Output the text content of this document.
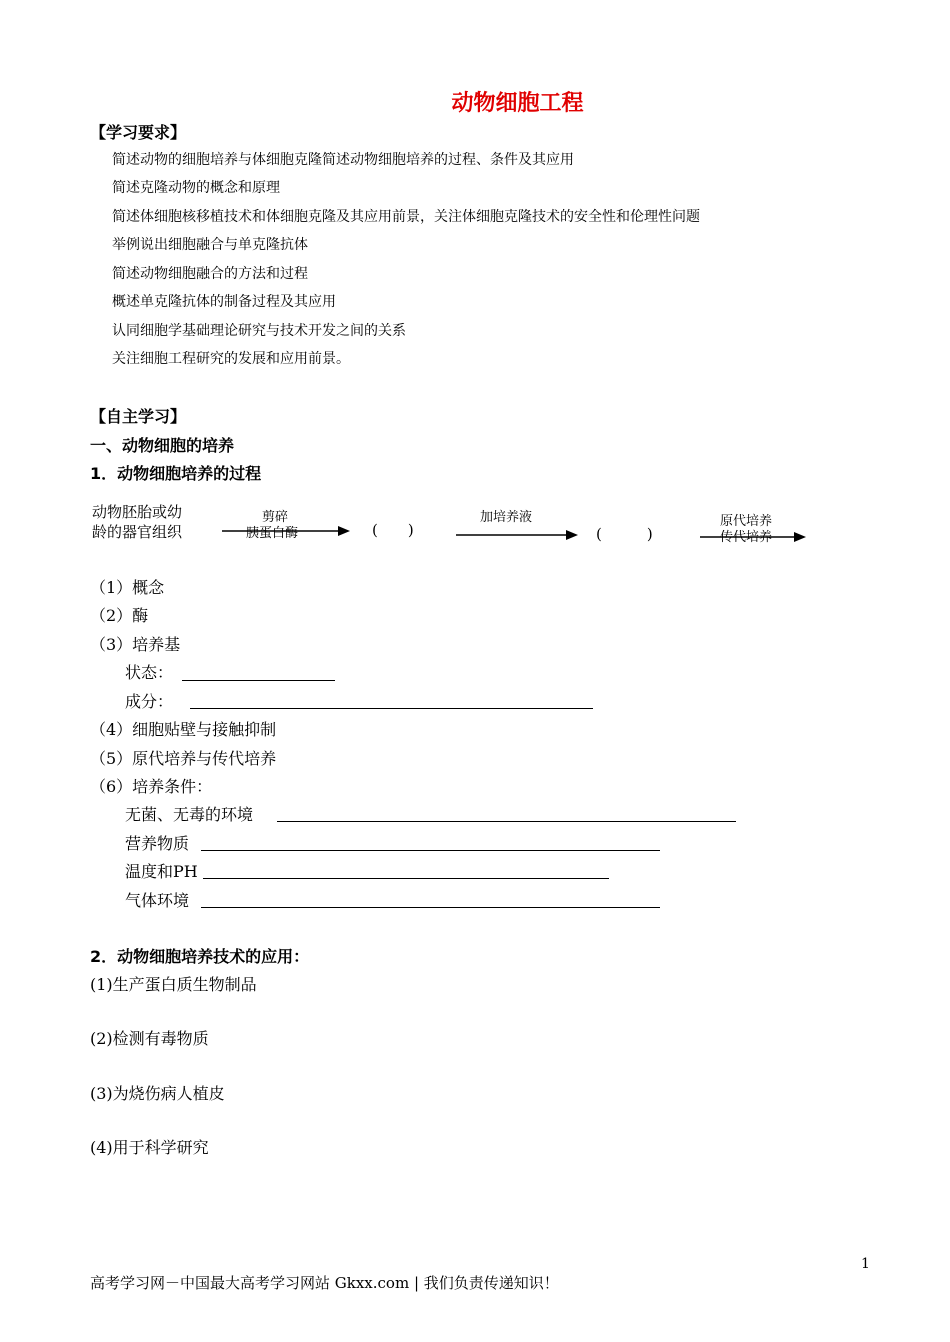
动物细胞工程
【学习要求】
简述动物的细胞培养与体细胞克隆简述动物细胞培养的过程、条件及其应用
简述克隆动物的概念和原理
简述体细胞核移植技术和体细胞克隆及其应用前景，关注体细胞克隆技术的安全性和伦理性问题
举例说出细胞融合与单克隆抗体
简述动物细胞融合的方法和过程
概述单克隆抗体的制备过程及其应用
认同细胞学基础理论研究与技术开发之间的关系
关注细胞工程研究的发展和应用前景。
【自主学习】
一、动物细胞的培养
1．动物细胞培养的过程
动物胚胎或幼
龄的器官组织
剪碎
胰蛋白酶	(　　)
加培养液
(　　　)
原代培养
传代培养
（1）概念
（2）酶
（3）培养基
状态：
成分：
（4）细胞贴壁与接触抑制
（5）原代培养与传代培养
（6）培养条件：
无菌、无毒的环境
营养物质
温度和PH
气体环境
2．动物细胞培养技术的应用：
(1)生产蛋白质生物制品
(2)检测有毒物质
(3)为烧伤病人植皮
(4)用于科学研究
1
高考学习网－中国最大高考学习网站 Gkxx.com | 我们负责传递知识！
